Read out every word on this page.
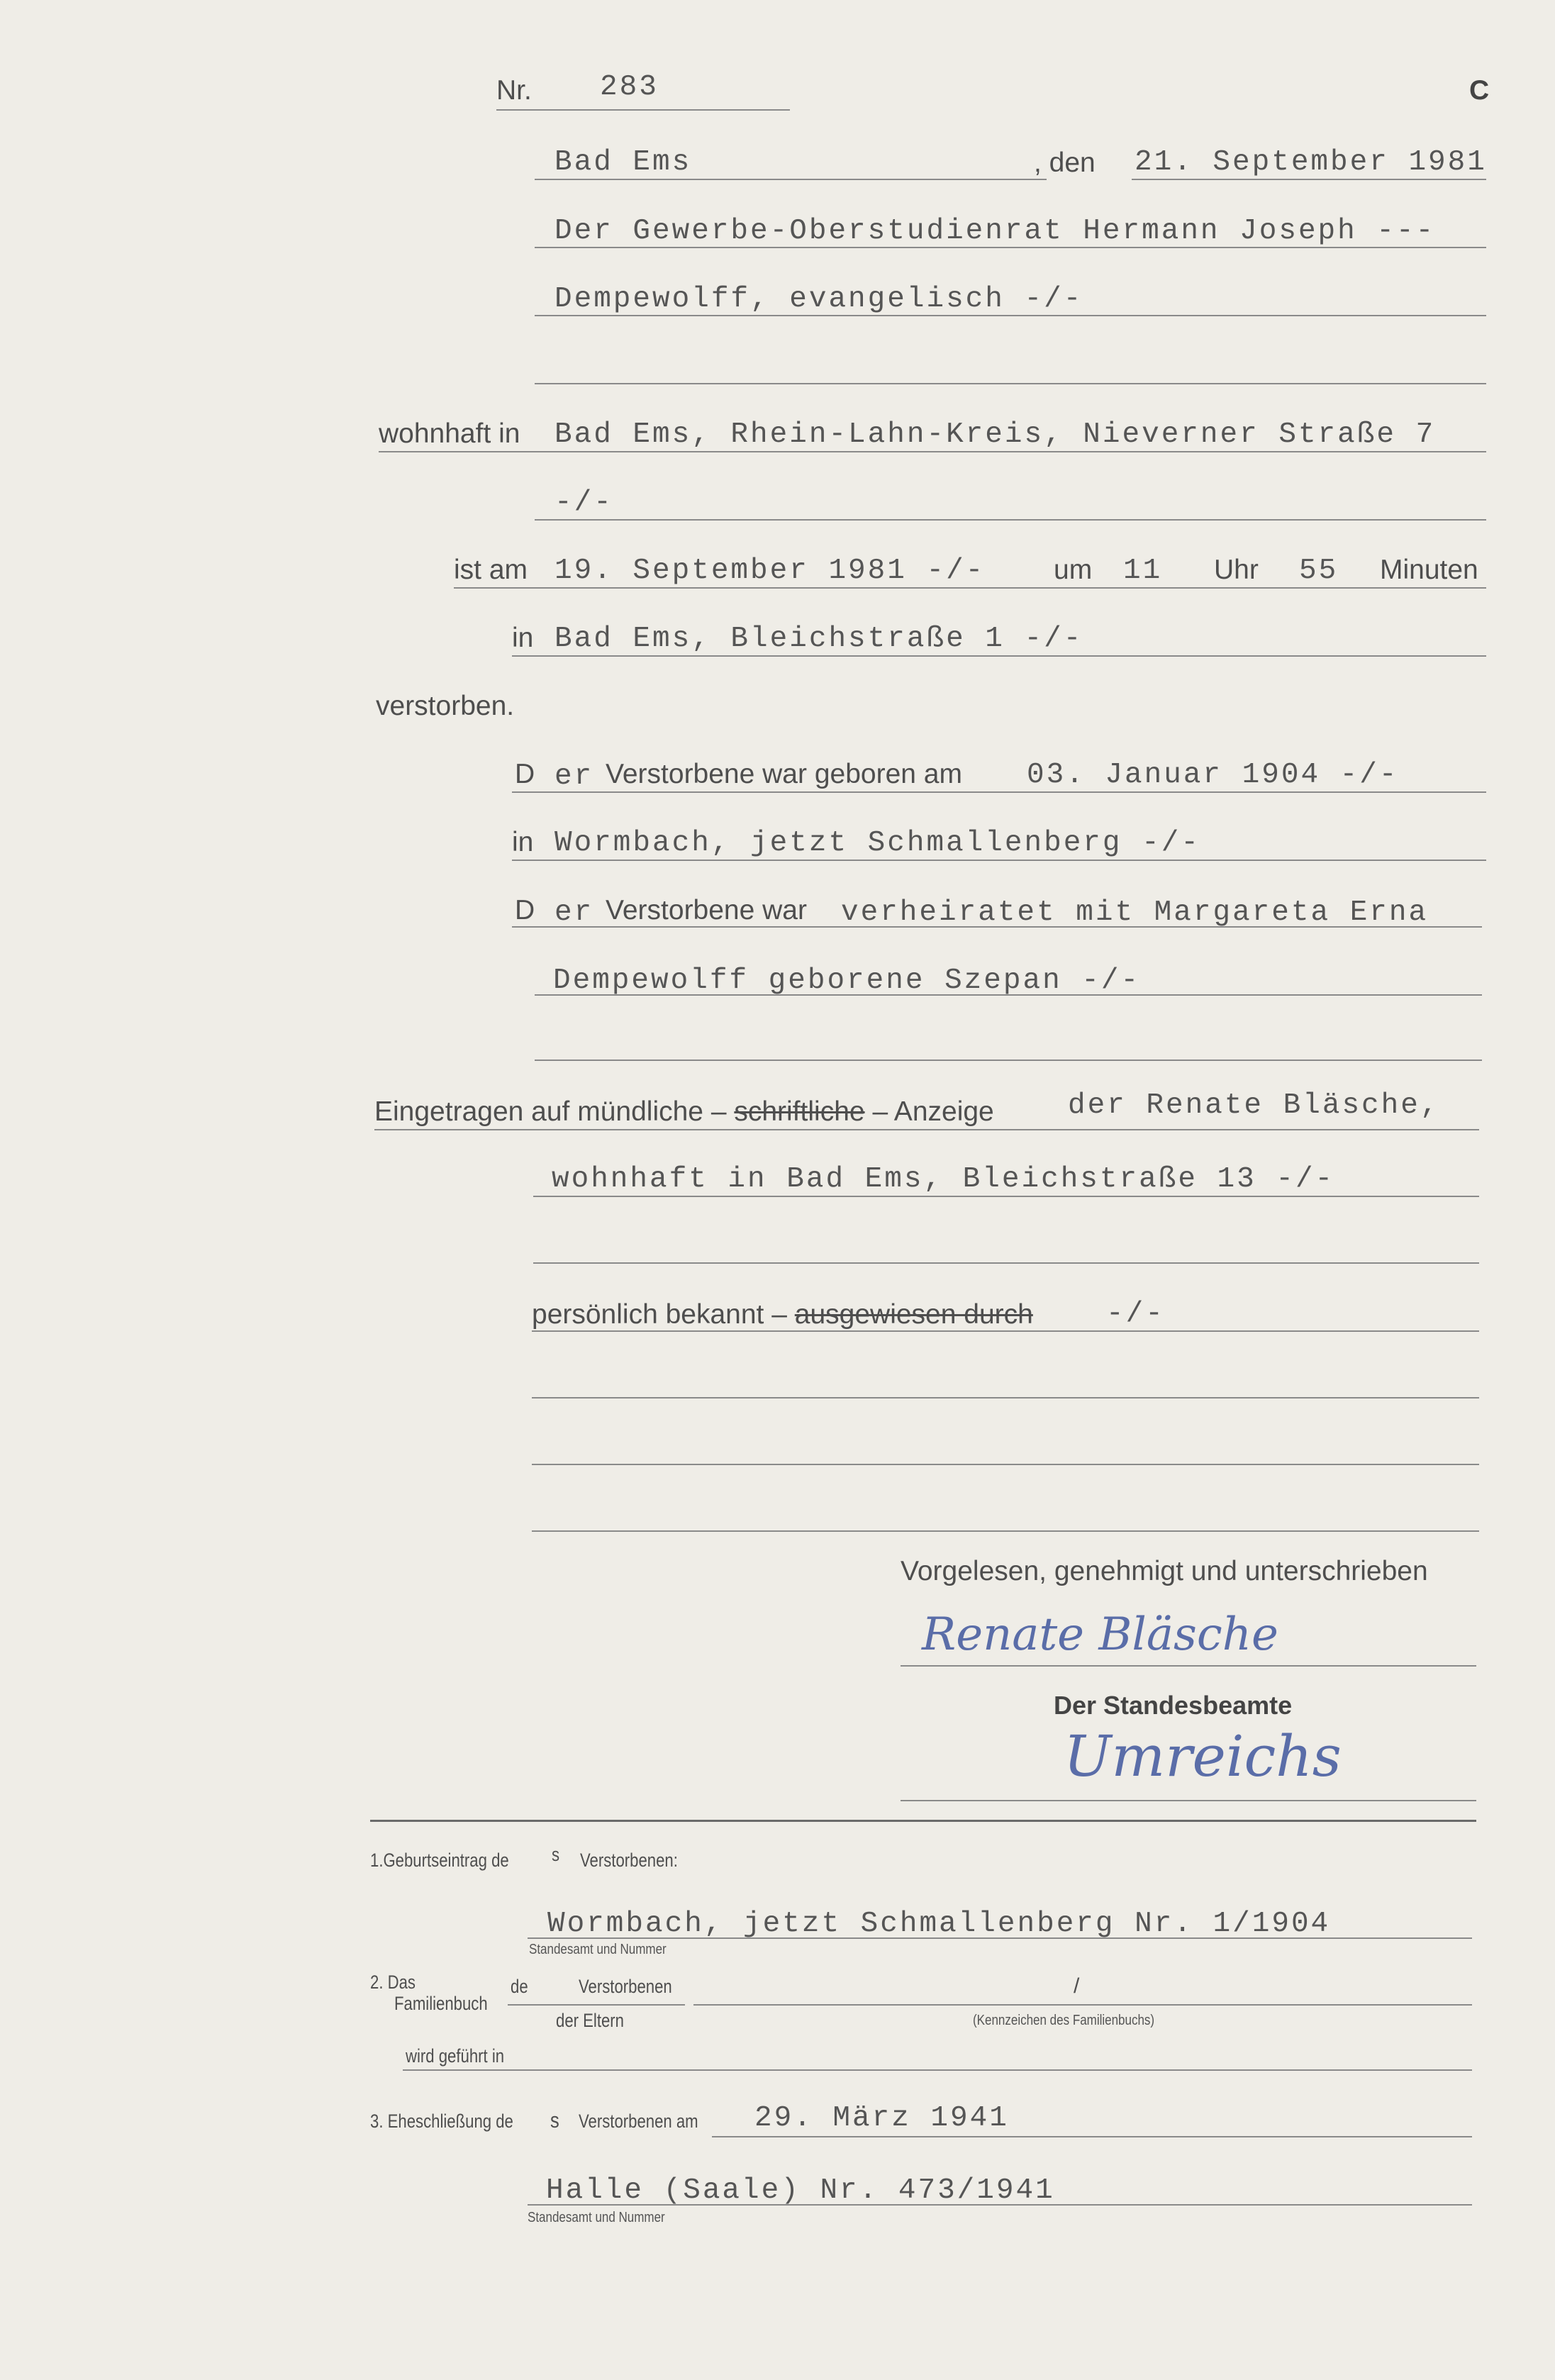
Nr. 283	C
Bad Ems	, den 21. September 1981
Der Gewerbe-Oberstudienrat Hermann Joseph ---
Dempewolff, evangelisch -/-
wohnhaft in Bad Ems, Rhein-Lahn-Kreis, Nieverner Straße 7
-/-
ist am 19. September 1981 -/- um 11 Uhr 55 Minuten
in Bad Ems, Bleichstraße 1 -/-
verstorben.
D er Verstorbene war geboren am 03. Januar 1904 -/-
in Wormbach, jetzt Schmallenberg -/-
D er Verstorbene war verheiratet mit Margareta Erna
Dempewolff geborene Szepan -/-
Eingetragen auf mündliche – schriftliche – Anzeige	der Renate Bläsche,
wohnhaft in Bad Ems, Bleichstraße 13 -/-
persönlich bekannt – ausgewiesen durch	-/-
Vorgelesen, genehmigt und unterschrieben
Renate Bläsche
Der Standesbeamte
Umreichs
1.Geburtseintrag de s Verstorbenen:
Wormbach, jetzt Schmallenberg Nr. 1/1904
Standesamt und Nummer
2. Das
Familienbuch
de	Verstorbenen	/
der Eltern	(Kennzeichen des Familienbuchs)
wird geführt in
3. Eheschließung de s Verstorbenen am 29. März 1941
Halle (Saale) Nr. 473/1941
Standesamt und Nummer
